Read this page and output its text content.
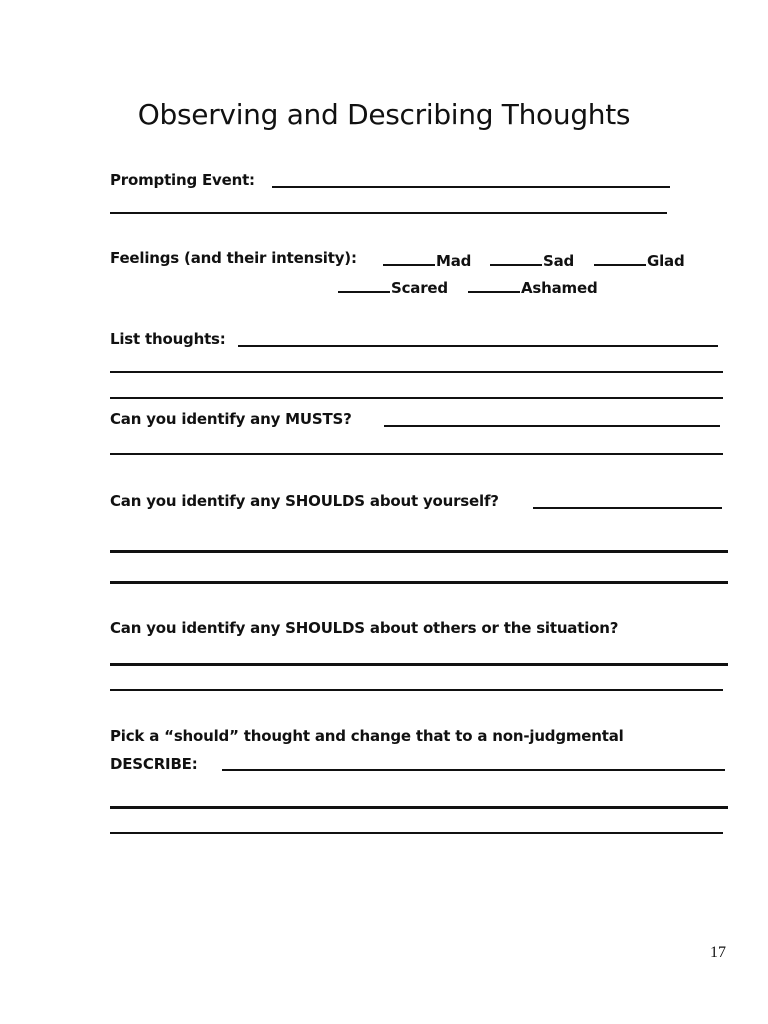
Observing and Describing Thoughts
Prompting Event:
Feelings (and their intensity):	Mad	Sad	Glad
Scared	Ashamed
List thoughts:
Can you identify any MUSTS?
Can you identify any SHOULDS about yourself?
Can you identify any SHOULDS about others or the situation?
Pick a “should” thought and change that to a non-judgmental
DESCRIBE:
17
